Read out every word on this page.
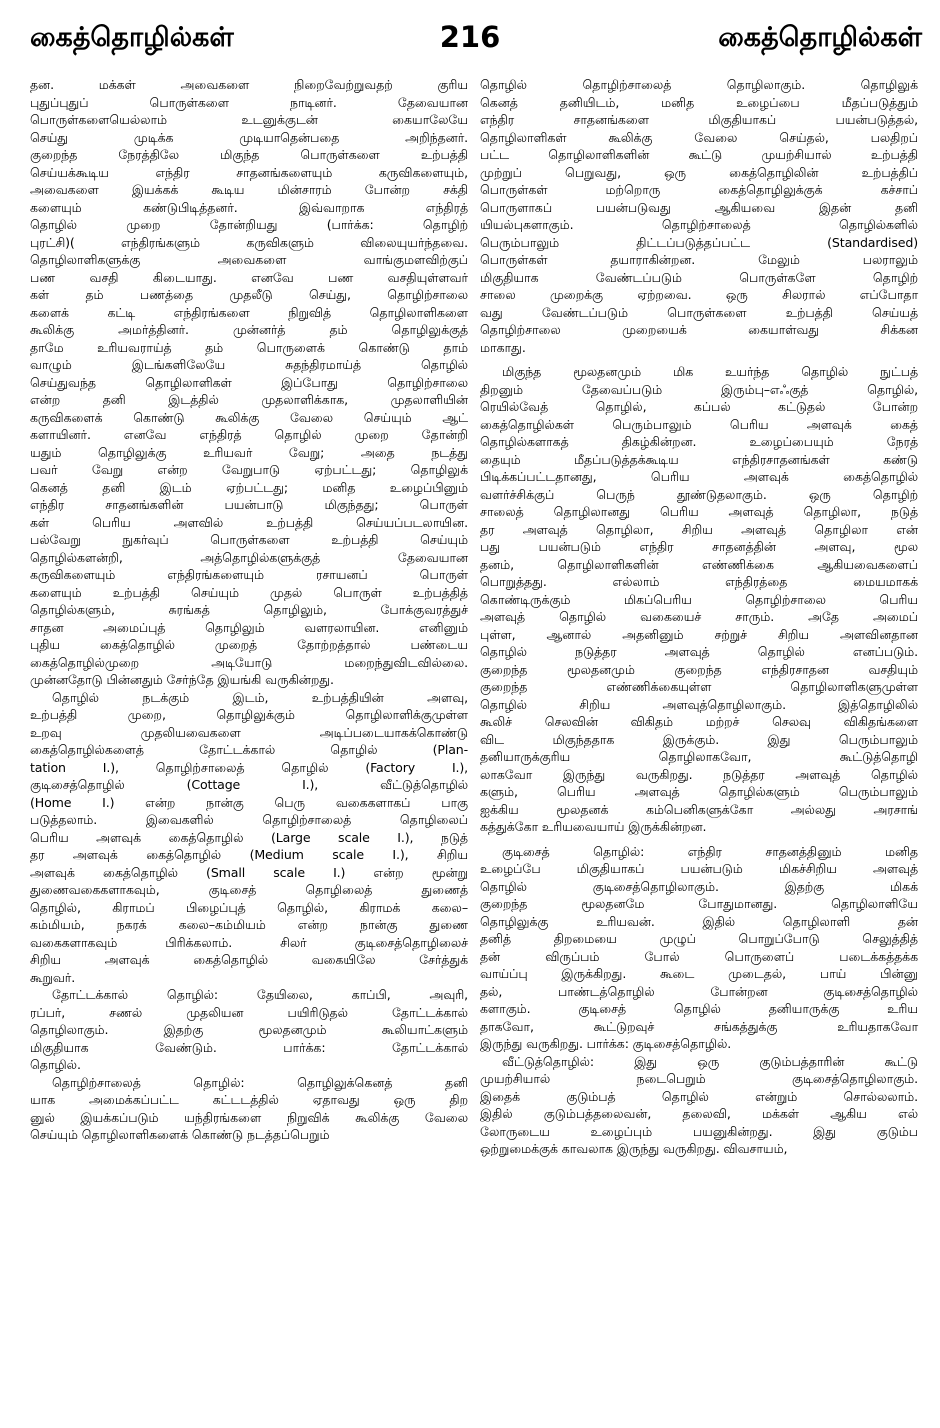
கைத்தொழில்கள்	216	கைத்தொழில்கள்

தன. மக்கள் அவைகளை நிறைவேற்றுவதற் குரிய

புதுப்புதுப் பொருள்களை நாடினர். தேவையான

பொருள்களையெல்லாம் உடனுக்குடன் கையாலேயே

செய்து முடிக்க முடியாதென்பதை அறிந்தனர்.

குறைந்த நேரத்திலே மிகுந்த பொருள்களை உற்பத்தி

செய்யக்கூடிய எந்திர சாதனங்களையும் கருவிகளையும்,

அவைகளை இயக்கக் கூடிய மின்சாரம் போன்ற சக்தி

களையும் கண்டுபிடித்தனர். இவ்வாறாக எந்திரத்

தொழில் முறை தோன்றியது (பார்க்க: தொழிற்

புரட்சி)( எந்திரங்களும் கருவிகளும் விலையுயர்ந்தவை.

தொழிலாளிகளுக்கு அவைகளை வாங்குமளவிற்குப்

பண வசதி கிடையாது. எனவே பண வசதியுள்ளவர்

கள் தம் பணத்தை முதலீடு செய்து, தொழிற்சாலை

களைக் கட்டி எந்திரங்களை நிறுவித் தொழிலாளிகளை

கூலிக்கு அமர்த்தினர். முன்னர்த் தம் தொழிலுக்குத்

தாமே உரியவராய்த் தம் பொருளைக் கொண்டு தாம்

வாழும் இடங்களிலேயே சுதந்திரமாய்த் தொழில்

செய்துவந்த தொழிலாளிகள் இப்போது தொழிற்சாலை

என்ற தனி இடத்தில் முதலாளிக்காக, முதலாளியின்

கருவிகளைக் கொண்டு கூலிக்கு வேலை செய்யும் ஆட்

களாயினர். எனவே எந்திரத் தொழில் முறை தோன்றி

யதும் தொழிலுக்கு உரியவர் வேறு; அதை நடத்து

பவர் வேறு என்ற வேறுபாடு ஏற்பட்டது; தொழிலுக்

கெனத் தனி இடம் ஏற்பட்டது; மனித உழைப்பினும்

எந்திர சாதனங்களின் பயன்பாடு மிகுந்தது; பொருள்

கள் பெரிய அளவில் உற்பத்தி செய்யப்படலாயின.

பல்வேறு நுகர்வுப் பொருள்களை உற்பத்தி செய்யும்

தொழில்களன்றி, அத்தொழில்களுக்குத் தேவையான

கருவிகளையும் எந்திரங்களையும் ரசாயனப் பொருள்

களையும் உற்பத்தி செய்யும் முதல் பொருள் உற்பத்தித்

தொழில்களும், சுரங்கத் தொழிலும், போக்குவரத்துச்

சாதன அமைப்புத் தொழிலும் வளரலாயின. எனினும்

புதிய கைத்தொழில் முறைத் தோற்றத்தால் பண்டைய

கைத்தொழில்முறை அடியோடு மறைந்துவிடவில்லை.

முன்னதோடு பின்னதும் சேர்ந்தே இயங்கி வருகின்றது.

தொழில் நடக்கும் இடம், உற்பத்தியின் அளவு,

உற்பத்தி முறை, தொழிலுக்கும் தொழிலாளிக்குமுள்ள

உறவு முதலியவைகளை அடிப்படையாகக்கொண்டு

கைத்தொழில்களைத் தோட்டக்கால் தொழில் (Plan-

tation I.), தொழிற்சாலைத் தொழில் (Factory I.),

குடிசைத்தொழில் (Cottage I.), வீட்டுத்தொழில்

(Home I.) என்ற நான்கு பெரு வகைகளாகப் பாகு

படுத்தலாம். இவைகளில் தொழிற்சாலைத் தொழிலைப்

பெரிய அளவுக் கைத்தொழில் (Large scale I.), நடுத்

தர அளவுக் கைத்தொழில் (Medium scale I.), சிறிய

அளவுக் கைத்தொழில் (Small scale I.) என்ற மூன்று

துணைவகைகளாகவும், குடிசைத் தொழிலைத் துணைத்

தொழில், கிராமப் பிழைப்புத் தொழில், கிராமக் கலை–

கம்மியம், நகரக் கலை–கம்மியம் என்ற நான்கு துணை

வகைகளாகவும் பிரிக்கலாம். சிலர் குடிசைத்தொழிலைச்

சிறிய அளவுக் கைத்தொழில் வகையிலே சேர்த்துக்

கூறுவர்.

தோட்டக்கால் தொழில்: தேயிலை, காப்பி, அவுரி,

ரப்பர், சணல் முதலியன பயிரிடுதல் தோட்டக்கால்

தொழிலாகும். இதற்கு மூலதனமும் கூலியாட்களும்

மிகுதியாக வேண்டும். பார்க்க: தோட்டக்கால்

தொழில்.

தொழிற்சாலைத் தொழில்: தொழிலுக்கெனத் தனி

யாக அமைக்கப்பட்ட கட்டடத்தில் ஏதாவது ஒரு திற

னுல் இயக்கப்படும் யந்திரங்களை நிறுவிக் கூலிக்கு வேலை

செய்யும் தொழிலாளிகளைக் கொண்டு நடத்தப்பெறும்

தொழில் தொழிற்சாலைத் தொழிலாகும். தொழிலுக்

கெனத் தனியிடம், மனித உழைப்பை மீதப்படுத்தும்

எந்திர சாதனங்களை மிகுதியாகப் பயன்படுத்தல்,

தொழிலாளிகள் கூலிக்கு வேலை செய்தல், பலதிறப்

பட்ட தொழிலாளிகளின் கூட்டு முயற்சியால் உற்பத்தி

முற்றுப் பெறுவது, ஒரு கைத்தொழிலின் உற்பத்திப்

பொருள்கள் மற்றொரு கைத்தொழிலுக்குக் கச்சாப்

பொருளாகப் பயன்படுவது ஆகியவை இதன் தனி

யியல்புகளாகும். தொழிற்சாலைத் தொழில்களில்

பெரும்பாலும் திட்டப்படுத்தப்பட்ட (Standardised)

பொருள்கள் தயாராகின்றன. மேலும் பலராலும்

மிகுதியாக வேண்டப்படும் பொருள்களே தொழிற்

சாலை முறைக்கு ஏற்றவை. ஒரு சிலரால் எப்போதா

வது வேண்டப்படும் பொருள்களை உற்பத்தி செய்யத்

தொழிற்சாலை முறையைக் கையாள்வது சிக்கன

மாகாது.

மிகுந்த மூலதனமும் மிக உயர்ந்த தொழில் நுட்பத்

திறனும் தேவைப்படும் இரும்பு–எஃகுத் தொழில்,

ரெயில்வேத் தொழில், கப்பல் கட்டுதல் போன்ற

கைத்தொழில்கள் பெரும்பாலும் பெரிய அளவுக் கைத்

தொழில்களாகத் திகழ்கின்றன. உழைப்பையும் நேரத்

தையும் மீதப்படுத்தக்கூடிய எந்திரசாதனங்கள் கண்டு

பிடிக்கப்பட்டதானது, பெரிய அளவுக் கைத்தொழில்

வளர்ச்சிக்குப் பெருந் தூண்டுதலாகும். ஒரு தொழிற்

சாலைத் தொழிலானது பெரிய அளவுத் தொழிலா, நடுத்

தர அளவுத் தொழிலா, சிறிய அளவுத் தொழிலா என்

பது பயன்படும் எந்திர சாதனத்தின் அளவு, மூல

தனம், தொழிலாளிகளின் எண்ணிக்கை ஆகியவைகளைப்

பொறுத்தது. எல்லாம் எந்திரத்தை மையமாகக்

கொண்டிருக்கும் மிகப்பெரிய தொழிற்சாலை பெரிய

அளவுத் தொழில் வகையைச் சாரும். அதே அமைப்

புள்ள, ஆனால் அதனினும் சற்றுச் சிறிய அளவினதான

தொழில் நடுத்தர அளவுத் தொழில் எனப்படும்.

குறைந்த மூலதனமும் குறைந்த எந்திரசாதன வசதியும்

குறைந்த எண்ணிக்கையுள்ள தொழிலாளிகளுமுள்ள

தொழில் சிறிய அளவுத்தொழிலாகும். இத்தொழிலில்

கூலிச் செலவின் விகிதம் மற்றச் செலவு விகிதங்களை

விட மிகுந்ததாக இருக்கும். இது பெரும்பாலும்

தனியாருக்குரிய தொழிலாகவோ, கூட்டுத்தொழி

லாகவோ இருந்து வருகிறது. நடுத்தர அளவுத் தொழில்

களும், பெரிய அளவுத் தொழில்களும் பெரும்பாலும்

ஐக்கிய மூலதனக் கம்பெனிகளுக்கோ அல்லது அரசாங்

கத்துக்கோ உரியவையாய் இருக்கின்றன.

குடிசைத் தொழில்: எந்திர சாதனத்தினும் மனித

உழைப்பே மிகுதியாகப் பயன்படும் மிகச்சிறிய அளவுத்

தொழில் குடிசைத்தொழிலாகும். இதற்கு மிகக்

குறைந்த மூலதனமே போதுமானது. தொழிலாளியே

தொழிலுக்கு உரியவன். இதில் தொழிலாளி தன்

தனித் திறமையை முழுப் பொறுப்போடு செலுத்தித்

தன் விருப்பம் போல் பொருளைப் படைக்கத்தக்க

வாய்ப்பு இருக்கிறது. கூடை முடைதல், பாய் பின்னு

தல், பாண்டத்தொழில் போன்றன குடிசைத்தொழில்

களாகும். குடிசைத் தொழில் தனியாருக்கு உரிய

தாகவோ, கூட்டுறவுச் சங்கத்துக்கு உரியதாகவோ

இருந்து வருகிறது. பார்க்க: குடிசைத்தொழில்.

வீட்டுத்தொழில்: இது ஒரு குடும்பத்தாரின் கூட்டு

முயற்சியால் நடைபெறும் குடிசைத்தொழிலாகும்.

இதைக் குடும்பத் தொழில் என்றும் சொல்லலாம்.

இதில் குடும்பத்தலைவன், தலைவி, மக்கள் ஆகிய எல்

லோருடைய உழைப்பும் பயனுகின்றது. இது குடும்ப

ஒற்றுமைக்குக் காவலாக இருந்து வருகிறது. விவசாயம்,
